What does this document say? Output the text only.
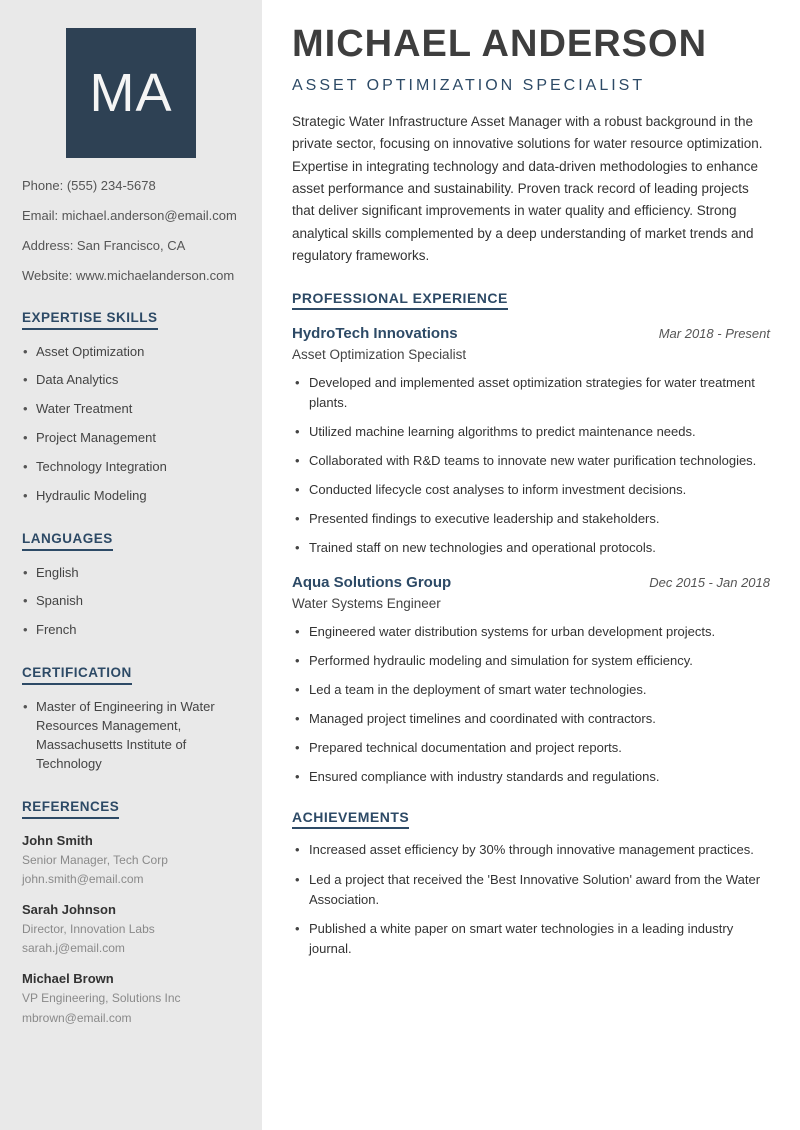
MA
Phone: (555) 234-5678
Email: michael.anderson@email.com
Address: San Francisco, CA
Website: www.michaelanderson.com
EXPERTISE SKILLS
• Asset Optimization
• Data Analytics
• Water Treatment
• Project Management
• Technology Integration
• Hydraulic Modeling
LANGUAGES
• English
• Spanish
• French
CERTIFICATION
• Master of Engineering in Water Resources Management, Massachusetts Institute of Technology
REFERENCES
John Smith
Senior Manager, Tech Corp
john.smith@email.com
Sarah Johnson
Director, Innovation Labs
sarah.j@email.com
Michael Brown
VP Engineering, Solutions Inc
mbrown@email.com
MICHAEL ANDERSON
ASSET OPTIMIZATION SPECIALIST

Strategic Water Infrastructure Asset Manager with a robust background in the private sector, focusing on innovative solutions for water resource optimization. Expertise in integrating technology and data-driven methodologies to enhance asset performance and sustainability. Proven track record of leading projects that deliver significant improvements in water quality and efficiency. Strong analytical skills complemented by a deep understanding of market trends and regulatory frameworks.

PROFESSIONAL EXPERIENCE
HydroTech Innovations	Mar 2018 - Present
Asset Optimization Specialist
• Developed and implemented asset optimization strategies for water treatment plants.
• Utilized machine learning algorithms to predict maintenance needs.
• Collaborated with R&D teams to innovate new water purification technologies.
• Conducted lifecycle cost analyses to inform investment decisions.
• Presented findings to executive leadership and stakeholders.
• Trained staff on new technologies and operational protocols.
Aqua Solutions Group	Dec 2015 - Jan 2018
Water Systems Engineer
• Engineered water distribution systems for urban development projects.
• Performed hydraulic modeling and simulation for system efficiency.
• Led a team in the deployment of smart water technologies.
• Managed project timelines and coordinated with contractors.
• Prepared technical documentation and project reports.
• Ensured compliance with industry standards and regulations.
ACHIEVEMENTS
• Increased asset efficiency by 30% through innovative management practices.
• Led a project that received the 'Best Innovative Solution' award from the Water Association.
• Published a white paper on smart water technologies in a leading industry journal.
